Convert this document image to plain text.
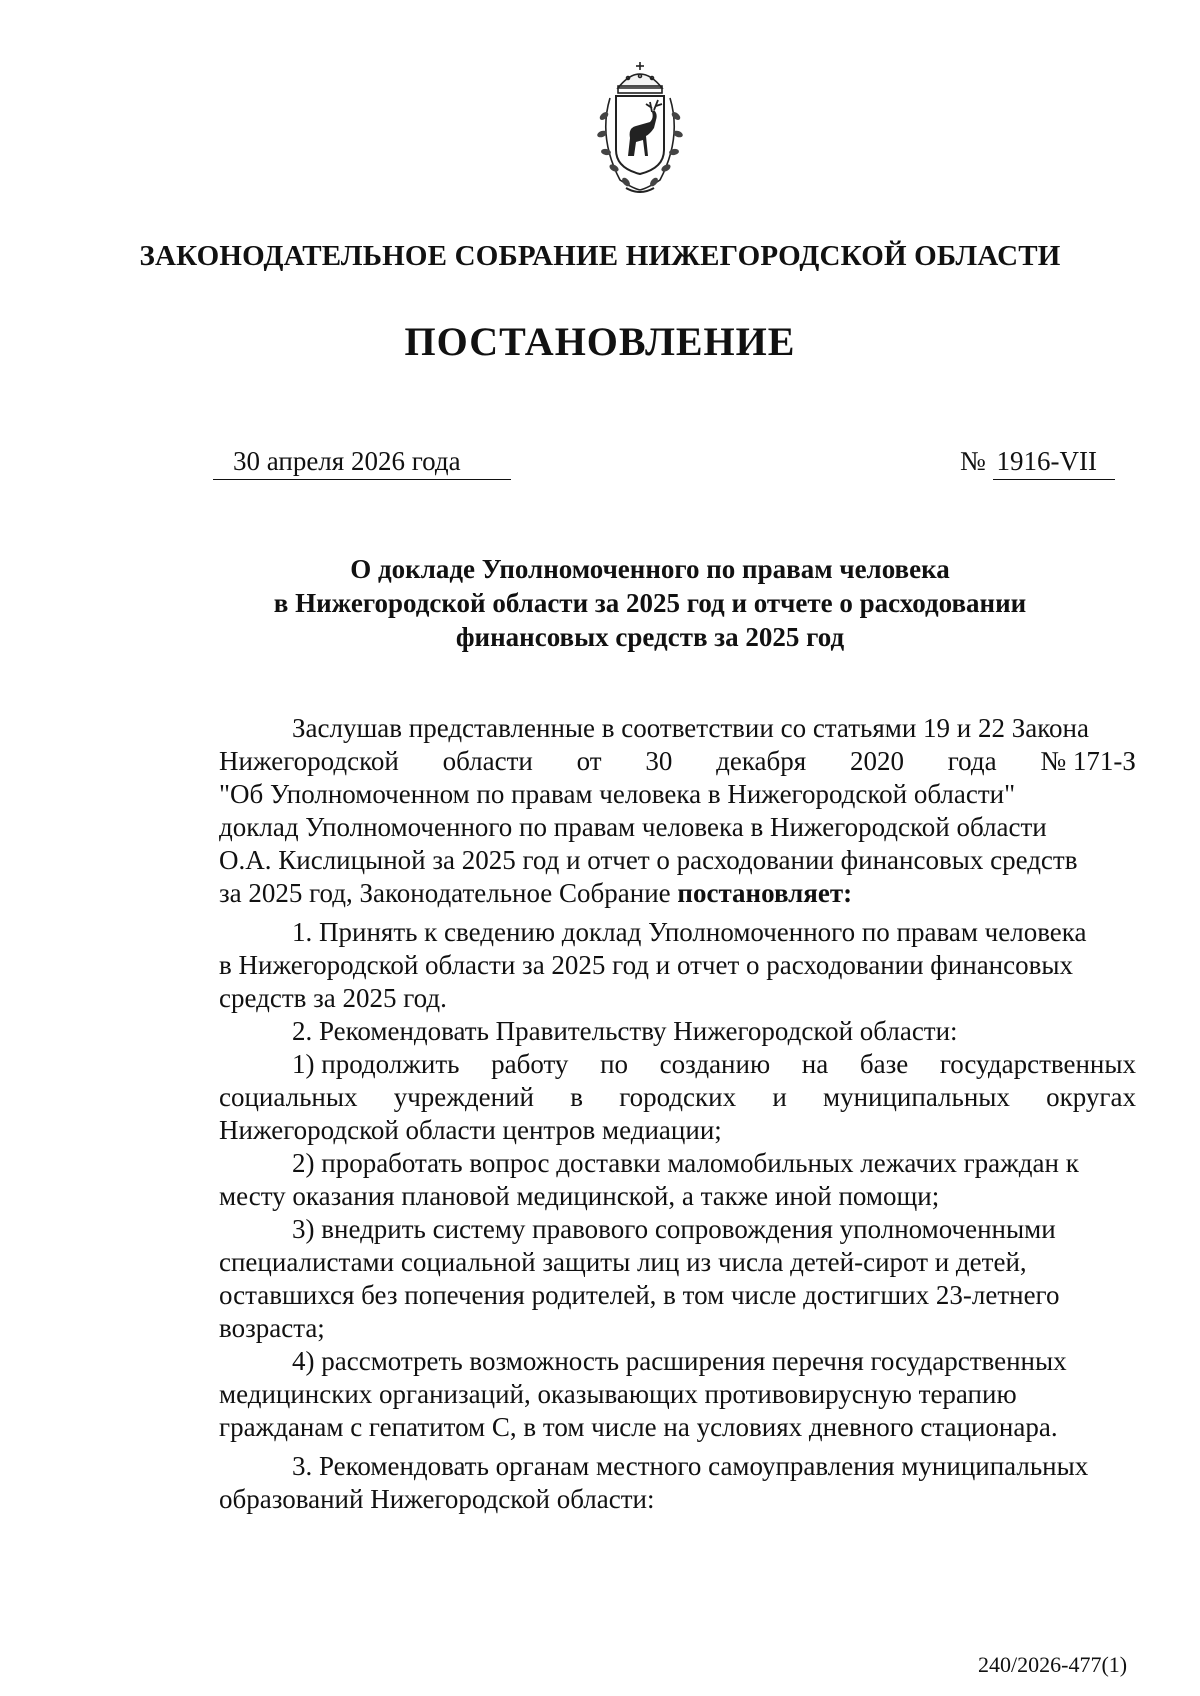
ЗАКОНОДАТЕЛЬНОЕ СОБРАНИЕ НИЖЕГОРОДСКОЙ ОБЛАСТИ
ПОСТАНОВЛЕНИЕ
30 апреля 2026 года	№ 1916-VII
О докладе Уполномоченного по правам человека
в Нижегородской области за 2025 год и отчете о расходовании
финансовых средств за 2025 год
Заслушав представленные в соответствии со статьями 19 и 22 Закона
Нижегородской области от 30 декабря 2020 года № 171-З
"Об Уполномоченном по правам человека в Нижегородской области"
доклад Уполномоченного по правам человека в Нижегородской области
О.А. Кислицыной за 2025 год и отчет о расходовании финансовых средств
за 2025 год, Законодательное Собрание постановляет:
1. Принять к сведению доклад Уполномоченного по правам человека
в Нижегородской области за 2025 год и отчет о расходовании финансовых
средств за 2025 год.
2. Рекомендовать Правительству Нижегородской области:
1) продолжить работу по созданию на базе государственных
социальных учреждений в городских и муниципальных округах
Нижегородской области центров медиации;
2) проработать вопрос доставки маломобильных лежачих граждан к
месту оказания плановой медицинской, а также иной помощи;
3) внедрить системy правового сопровождения уполномоченными
специалистами социальной защиты лиц из числа детей-сирот и детей,
оставшихся без попечения родителей, в том числе достигших 23-летнего
возраста;
4) рассмотреть возможность расширения перечня государственных
медицинских организаций, оказывающих противовирусную терапию
гражданам с гепатитом С, в том числе на условиях дневного стационара.
3. Рекомендовать органам местного самоуправления муниципальных
образований Нижегородской области:
240/2026-477(1)
